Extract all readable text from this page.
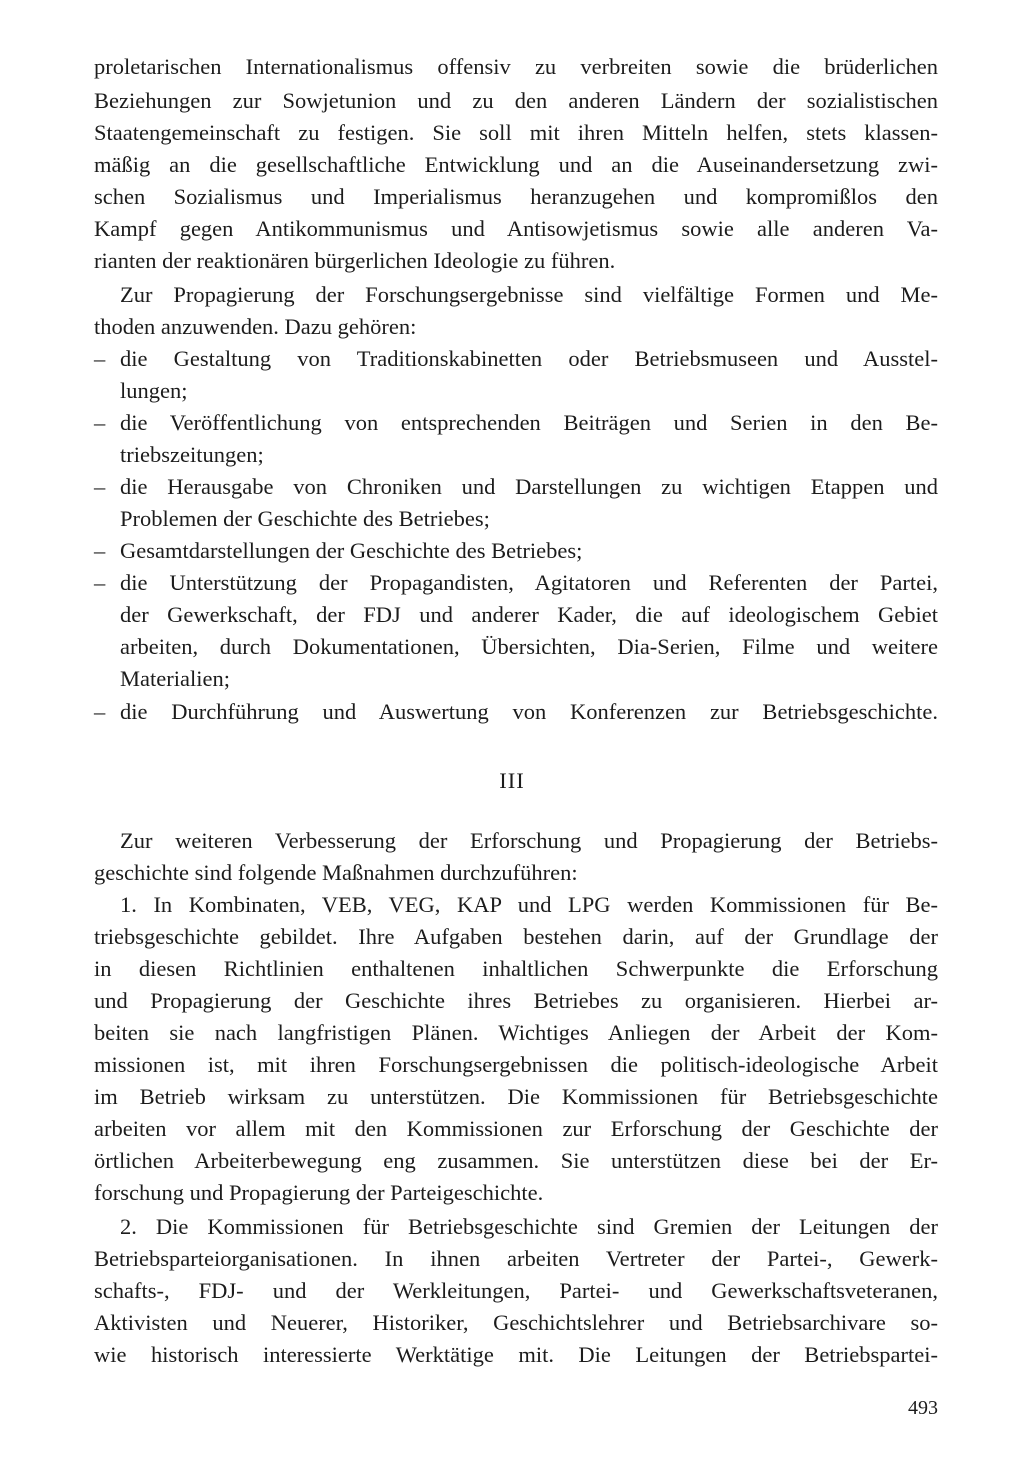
proletarischen Internationalismus offensiv zu verbreiten sowie die brüderlichen
Beziehungen zur Sowjetunion und zu den anderen Ländern der sozialistischen
Staatengemeinschaft zu festigen. Sie soll mit ihren Mitteln helfen, stets klassen-
mäßig an die gesellschaftliche Entwicklung und an die Auseinandersetzung zwi-
schen Sozialismus und Imperialismus heranzugehen und kompromißlos den
Kampf gegen Antikommunismus und Antisowjetismus sowie alle anderen Va-
rianten der reaktionären bürgerlichen Ideologie zu führen.
Zur Propagierung der Forschungsergebnisse sind vielfältige Formen und Me-
thoden anzuwenden. Dazu gehören:
– die Gestaltung von Traditionskabinetten oder Betriebsmuseen und Ausstel-
lungen;
– die Veröffentlichung von entsprechenden Beiträgen und Serien in den Be-
triebszeitungen;
– die Herausgabe von Chroniken und Darstellungen zu wichtigen Etappen und
Problemen der Geschichte des Betriebes;
– Gesamtdarstellungen der Geschichte des Betriebes;
– die Unterstützung der Propagandisten, Agitatoren und Referenten der Partei,
der Gewerkschaft, der FDJ und anderer Kader, die auf ideologischem Gebiet
arbeiten, durch Dokumentationen, Übersichten, Dia-Serien, Filme und weitere
Materialien;
– die Durchführung und Auswertung von Konferenzen zur Betriebsgeschichte.
III
Zur weiteren Verbesserung der Erforschung und Propagierung der Betriebs-
geschichte sind folgende Maßnahmen durchzuführen:
1. In Kombinaten, VEB, VEG, KAP und LPG werden Kommissionen für Be-
triebsgeschichte gebildet. Ihre Aufgaben bestehen darin, auf der Grundlage der
in diesen Richtlinien enthaltenen inhaltlichen Schwerpunkte die Erforschung
und Propagierung der Geschichte ihres Betriebes zu organisieren. Hierbei ar-
beiten sie nach langfristigen Plänen. Wichtiges Anliegen der Arbeit der Kom-
missionen ist, mit ihren Forschungsergebnissen die politisch-ideologische Arbeit
im Betrieb wirksam zu unterstützen. Die Kommissionen für Betriebsgeschichte
arbeiten vor allem mit den Kommissionen zur Erforschung der Geschichte der
örtlichen Arbeiterbewegung eng zusammen. Sie unterstützen diese bei der Er-
forschung und Propagierung der Parteigeschichte.
2. Die Kommissionen für Betriebsgeschichte sind Gremien der Leitungen der
Betriebsparteiorganisationen. In ihnen arbeiten Vertreter der Partei-, Gewerk-
schafts-, FDJ- und der Werkleitungen, Partei- und Gewerkschaftsveteranen,
Aktivisten und Neuerer, Historiker, Geschichtslehrer und Betriebsarchivare so-
wie historisch interessierte Werktätige mit. Die Leitungen der Betriebspartei-
493
